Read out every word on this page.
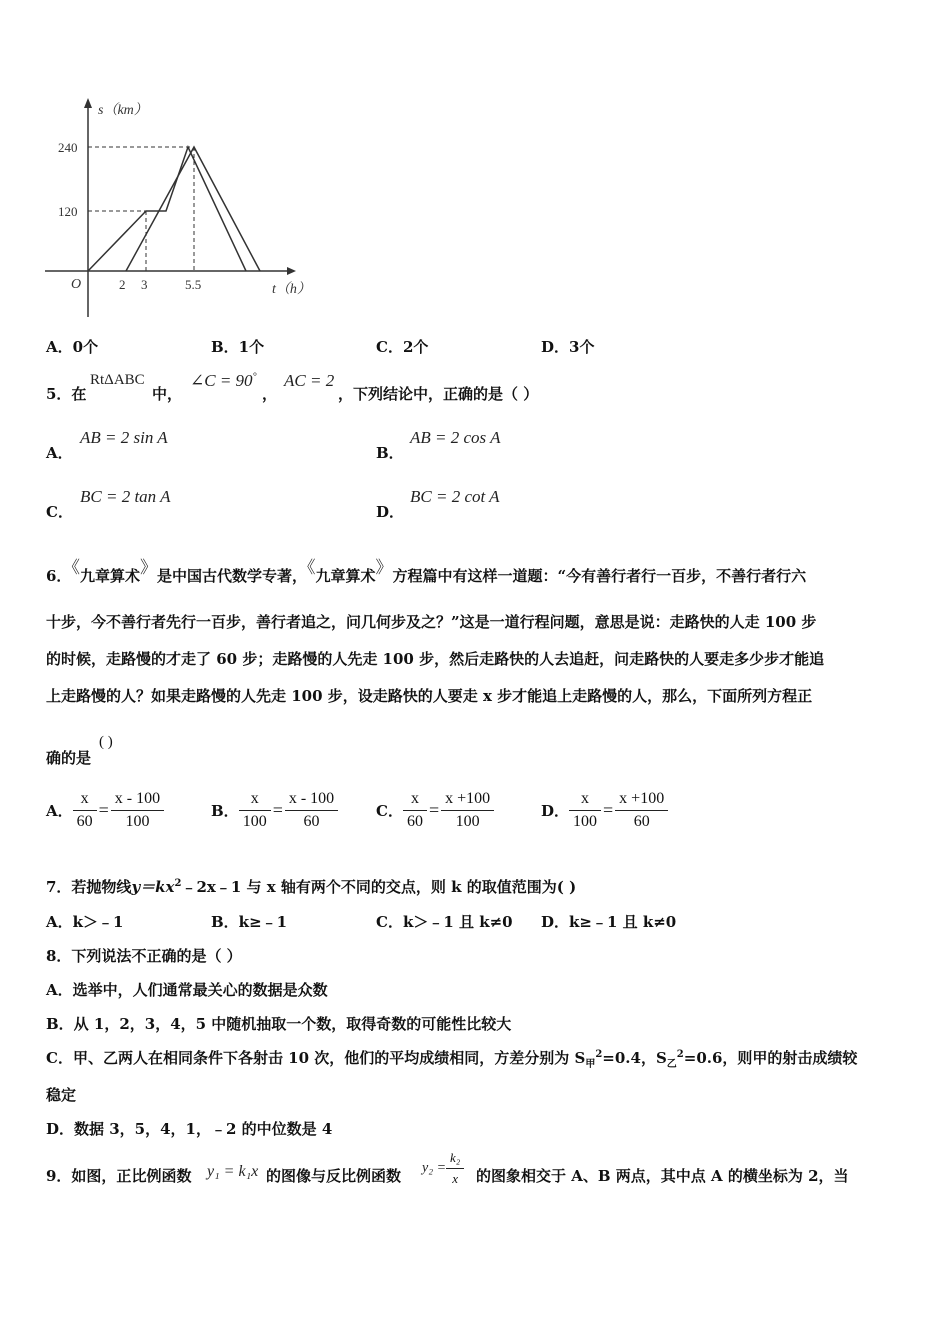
s（km）
t（h）
O
240
120
2 3	5.5
A．0个	B．1个	C．2个	D．3个
5．在
RtΔABC
中，
∠C = 90°
，
AC = 2
，下列结论中，正确的是（ ）
A．
AB = 2 sin A
B．
AB = 2 cos A
C．
BC = 2 tan A
D．
BC = 2 cot A
6．《九章算术》是中国古代数学专著，《九章算术》方程篇中有这样一道题：“今有善行者行一百步，不善行者行六
十步，今不善行者先行一百步，善行者追之，问几何步及之？”这是一道行程问题，意思是说：走路快的人走 100 步
的时候，走路慢的才走了 60 步；走路慢的人先走 100 步，然后走路快的人去追赶，问走路快的人要走多少步才能追
上走路慢的人？如果走路慢的人先走 100 步，设走路快的人要走 x 步才能追上走路慢的人，那么，下面所列方程正
确的是
( )
A． $\frac{x}{60} = \frac{x - 100}{100}$	B． $\frac{x}{100} = \frac{x - 100}{60}$	C． $\frac{x}{60} = \frac{x +100}{100}$	D． $\frac{x}{100} = \frac{x +100}{60}$
7．若抛物线$y=kx^2﹣2x﹣1$ 与 x 轴有两个不同的交点，则 k 的取值范围为( )
A．k＞﹣1	B．k≥﹣1	C．k＞﹣1 且 k≠0 D．k≥﹣1 且 k≠0
8．下列说法不正确的是（ ）
A．选举中，人们通常最关心的数据是众数
B．从 1，2，3，4，5 中随机抽取一个数，取得奇数的可能性比较大
C．甲、乙两人在相同条件下各射击 10 次，他们的平均成绩相同，方差分别为 $S_甲^2=0.4$，$S_乙^2=0.6$，则甲的射击成绩较
稳定
D．数据 3，5，4，1，﹣2 的中位数是 4
9．如图，正比例函数 y₁ = k₁x 的图像与反比例函数 $y_2 = \frac{\text{k₂}}{x}$ 的图象相交于 A、B 两点，其中点 A 的横坐标为 2，当
